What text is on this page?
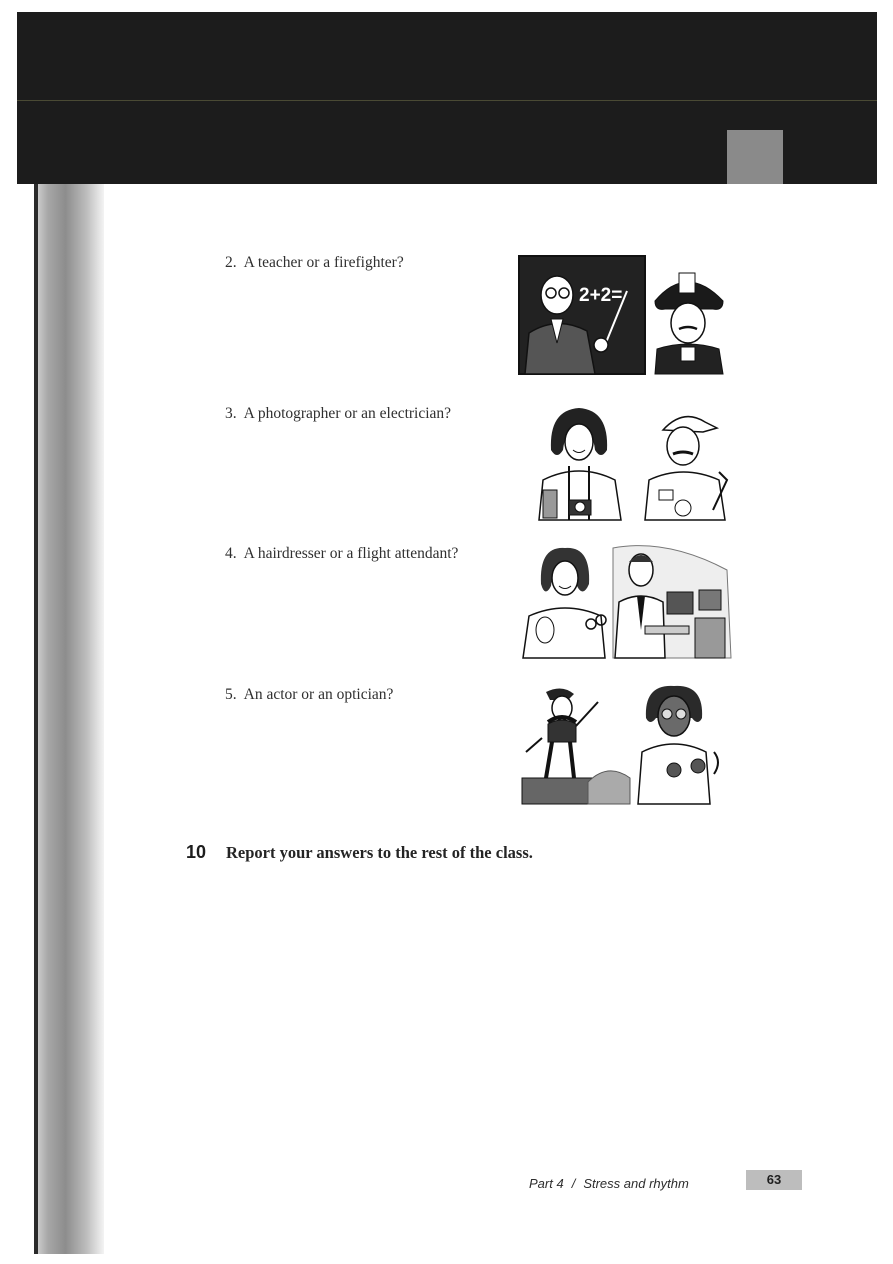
2. A teacher or a firefighter?
2+2=
3. A photographer or an electrician?
4. A hairdresser or a flight attendant?
5. An actor or an optician?
10	Report your answers to the rest of the class.
Part 4 / Stress and rhythm	63
